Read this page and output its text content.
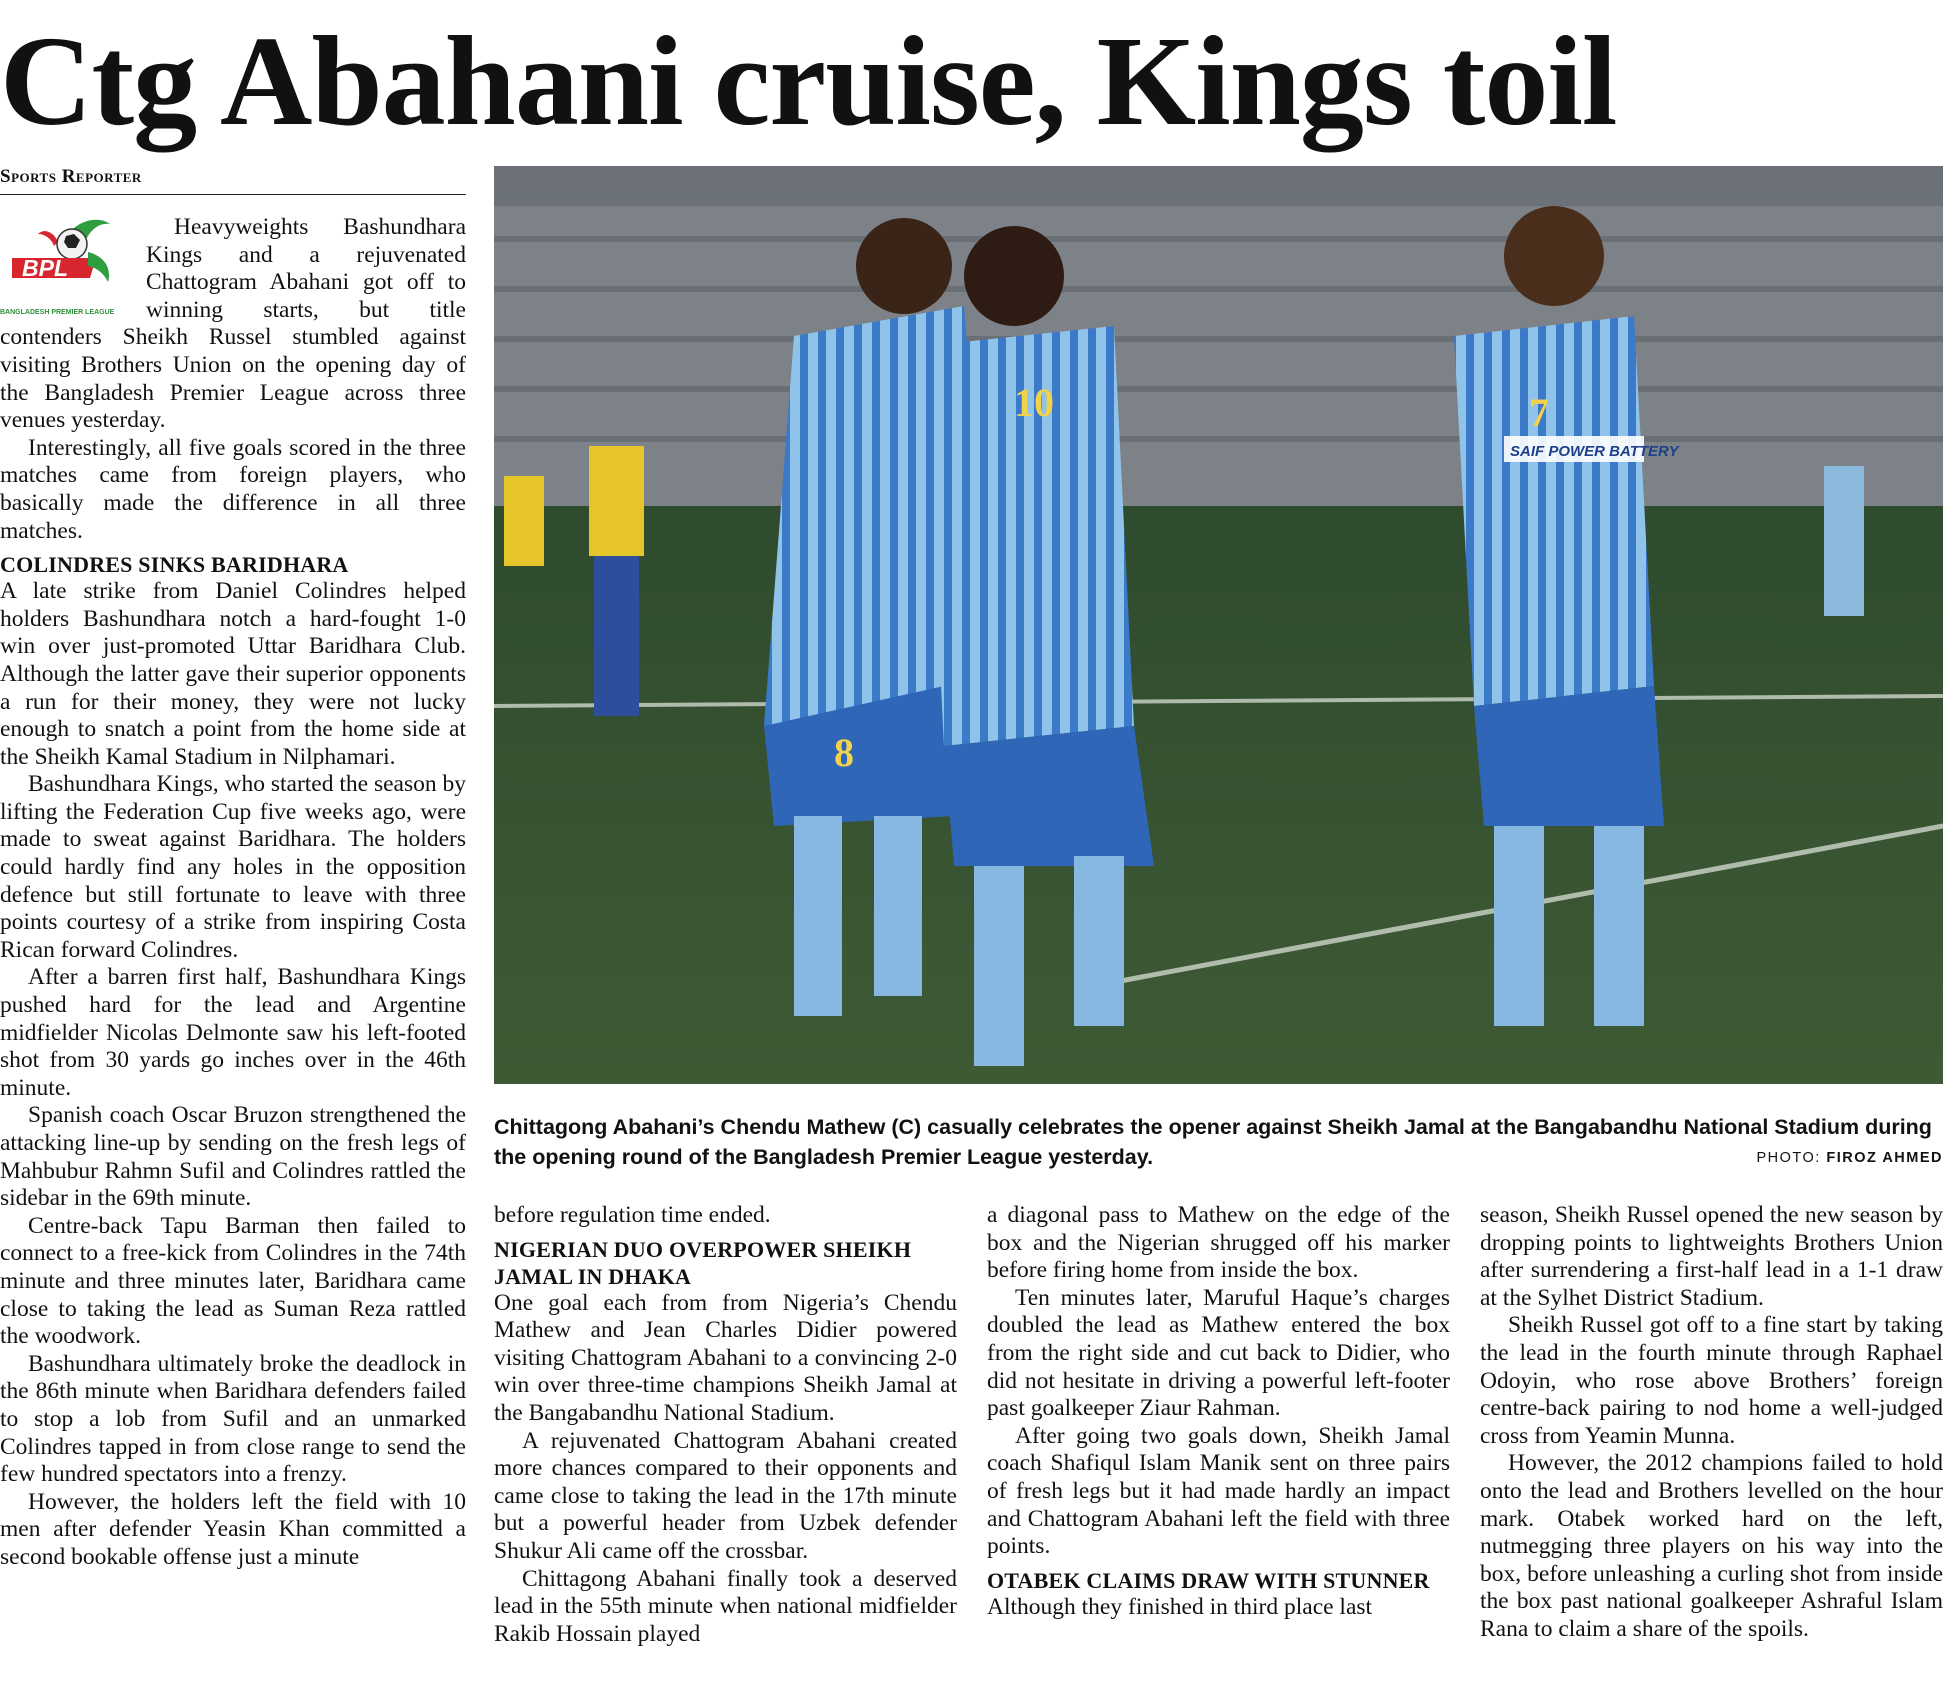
Ctg Abahani cruise, Kings toil
Sports Reporter
BPL
BANGLADESH PREMIER LEAGUE

Heavyweights Bashundhara Kings and a rejuvenated Chattogram Abahani got off to winning starts, but title contenders Sheikh Russel stumbled against visiting Brothers Union on the opening day of the Bangladesh Premier League across three venues yesterday.

Interestingly, all five goals scored in the three matches came from foreign players, who basically made the difference in all three matches.

COLINDRES SINKS BARIDHARA

A late strike from Daniel Colindres helped holders Bashundhara notch a hard-fought 1-0 win over just-promoted Uttar Baridhara Club. Although the latter gave their superior opponents a run for their money, they were not lucky enough to snatch a point from the home side at the Sheikh Kamal Stadium in Nilphamari.

Bashundhara Kings, who started the season by lifting the Federation Cup five weeks ago, were made to sweat against Baridhara. The holders could hardly find any holes in the opposition defence but still fortunate to leave with three points courtesy of a strike from inspiring Costa Rican forward Colindres.

After a barren first half, Bashundhara Kings pushed hard for the lead and Argentine midfielder Nicolas Delmonte saw his left-footed shot from 30 yards go inches over in the 46th minute.

Spanish coach Oscar Bruzon strengthened the attacking line-up by sending on the fresh legs of Mahbubur Rahmn Sufil and Colindres rattled the sidebar in the 69th minute.

Centre-back Tapu Barman then failed to connect to a free-kick from Colindres in the 74th minute and three minutes later, Baridhara came close to taking the lead as Suman Reza rattled the woodwork.

Bashundhara ultimately broke the deadlock in the 86th minute when Baridhara defenders failed to stop a lob from Sufil and an unmarked Colindres tapped in from close range to send the few hundred spectators into a frenzy.

However, the holders left the field with 10 men after defender Yeasin Khan committed a second bookable offense just a minute

10
8
7
SAIF POWER BATTERY
Chittagong Abahani’s Chendu Mathew (C) casually celebrates the opener against Sheikh Jamal at the Bangabandhu National Stadium during the opening round of the Bangladesh Premier League yesterday.	PHOTO: FIROZ AHMED

before regulation time ended.

NIGERIAN DUO OVERPOWER SHEIKH JAMAL IN DHAKA

One goal each from from Nigeria’s Chendu Mathew and Jean Charles Didier powered visiting Chattogram Abahani to a convincing 2-0 win over three-time champions Sheikh Jamal at the Bangabandhu National Stadium.

A rejuvenated Chattogram Abahani created more chances compared to their opponents and came close to taking the lead in the 17th minute but a powerful header from Uzbek defender Shukur Ali came off the crossbar.

Chittagong Abahani finally took a deserved lead in the 55th minute when national midfielder Rakib Hossain played

a diagonal pass to Mathew on the edge of the box and the Nigerian shrugged off his marker before firing home from inside the box.

Ten minutes later, Maruful Haque’s charges doubled the lead as Mathew entered the box from the right side and cut back to Didier, who did not hesitate in driving a powerful left-footer past goalkeeper Ziaur Rahman.

After going two goals down, Sheikh Jamal coach Shafiqul Islam Manik sent on three pairs of fresh legs but it had made hardly an impact and Chattogram Abahani left the field with three points.

OTABEK CLAIMS DRAW WITH STUNNER

Although they finished in third place last

season, Sheikh Russel opened the new season by dropping points to lightweights Brothers Union after surrendering a first-half lead in a 1-1 draw at the Sylhet District Stadium.

Sheikh Russel got off to a fine start by taking the lead in the fourth minute through Raphael Odoyin, who rose above Brothers’ foreign centre-back pairing to nod home a well-judged cross from Yeamin Munna.

However, the 2012 champions failed to hold onto the lead and Brothers levelled on the hour mark. Otabek worked hard on the left, nutmegging three players on his way into the box, before unleashing a curling shot from inside the box past national goalkeeper Ashraful Islam Rana to claim a share of the spoils.
